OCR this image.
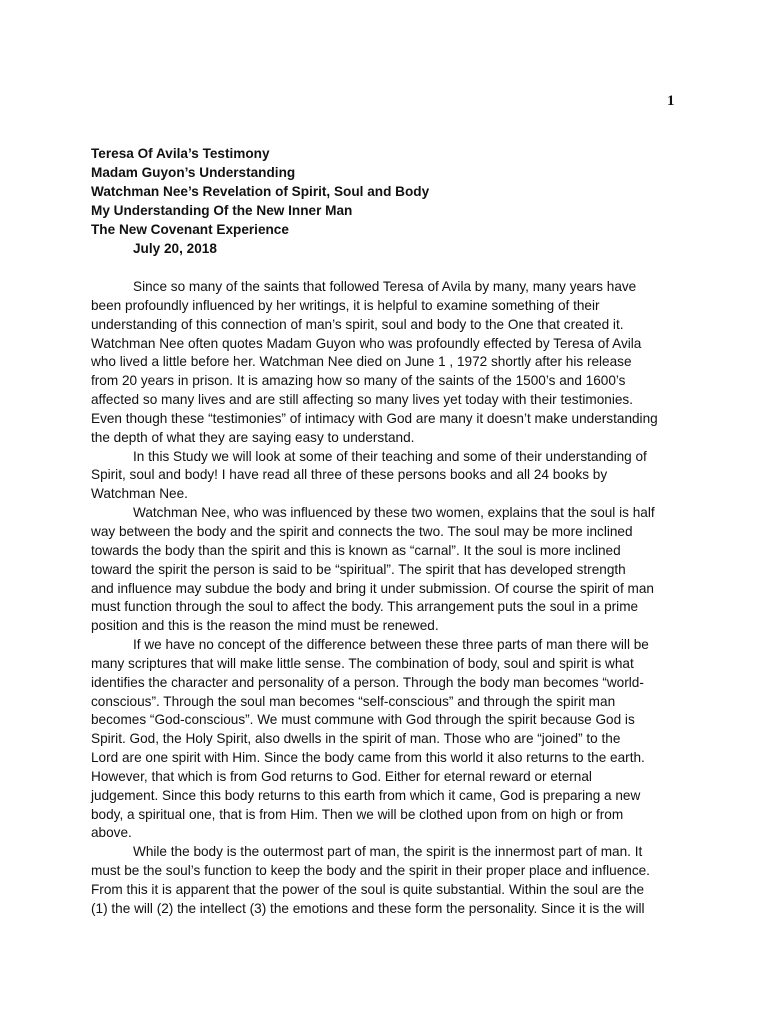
1
Teresa Of Avila’s Testimony
Madam Guyon’s Understanding
Watchman Nee’s Revelation of Spirit, Soul and Body
My Understanding Of the New Inner Man
The New Covenant Experience
July 20, 2018
Since so many of the saints that followed Teresa of Avila by many, many years have
been profoundly influenced by her writings, it is helpful to examine something of their
understanding of this connection of man’s spirit, soul and body to the One that created it.
Watchman Nee often quotes Madam Guyon who was profoundly effected by Teresa of Avila
who lived a little before her. Watchman Nee died on June 1 , 1972 shortly after his release
from 20 years in prison. It is amazing how so many of the saints of the 1500’s and 1600’s
affected so many lives and are still affecting so many lives yet today with their testimonies.
Even though these “testimonies” of intimacy with God are many it doesn’t make understanding
the depth of what they are saying easy to understand.
In this Study we will look at some of their teaching and some of their understanding of
Spirit, soul and body! I have read all three of these persons books and all 24 books by
Watchman Nee.
Watchman Nee, who was influenced by these two women, explains that the soul is half
way between the body and the spirit and connects the two. The soul may be more inclined
towards the body than the spirit and this is known as “carnal”. It the soul is more inclined
toward the spirit the person is said to be “spiritual”. The spirit that has developed strength
and influence may subdue the body and bring it under submission. Of course the spirit of man
must function through the soul to affect the body. This arrangement puts the soul in a prime
position and this is the reason the mind must be renewed.
If we have no concept of the difference between these three parts of man there will be
many scriptures that will make little sense. The combination of body, soul and spirit is what
identifies the character and personality of a person. Through the body man becomes “world-
conscious”. Through the soul man becomes “self-conscious” and through the spirit man
becomes “God-conscious”. We must commune with God through the spirit because God is
Spirit. God, the Holy Spirit, also dwells in the spirit of man. Those who are “joined” to the
Lord are one spirit with Him. Since the body came from this world it also returns to the earth.
However, that which is from God returns to God. Either for eternal reward or eternal
judgement. Since this body returns to this earth from which it came, God is preparing a new
body, a spiritual one, that is from Him. Then we will be clothed upon from on high or from
above.
While the body is the outermost part of man, the spirit is the innermost part of man. It
must be the soul’s function to keep the body and the spirit in their proper place and influence.
From this it is apparent that the power of the soul is quite substantial. Within the soul are the
(1) the will (2) the intellect (3) the emotions and these form the personality. Since it is the will
